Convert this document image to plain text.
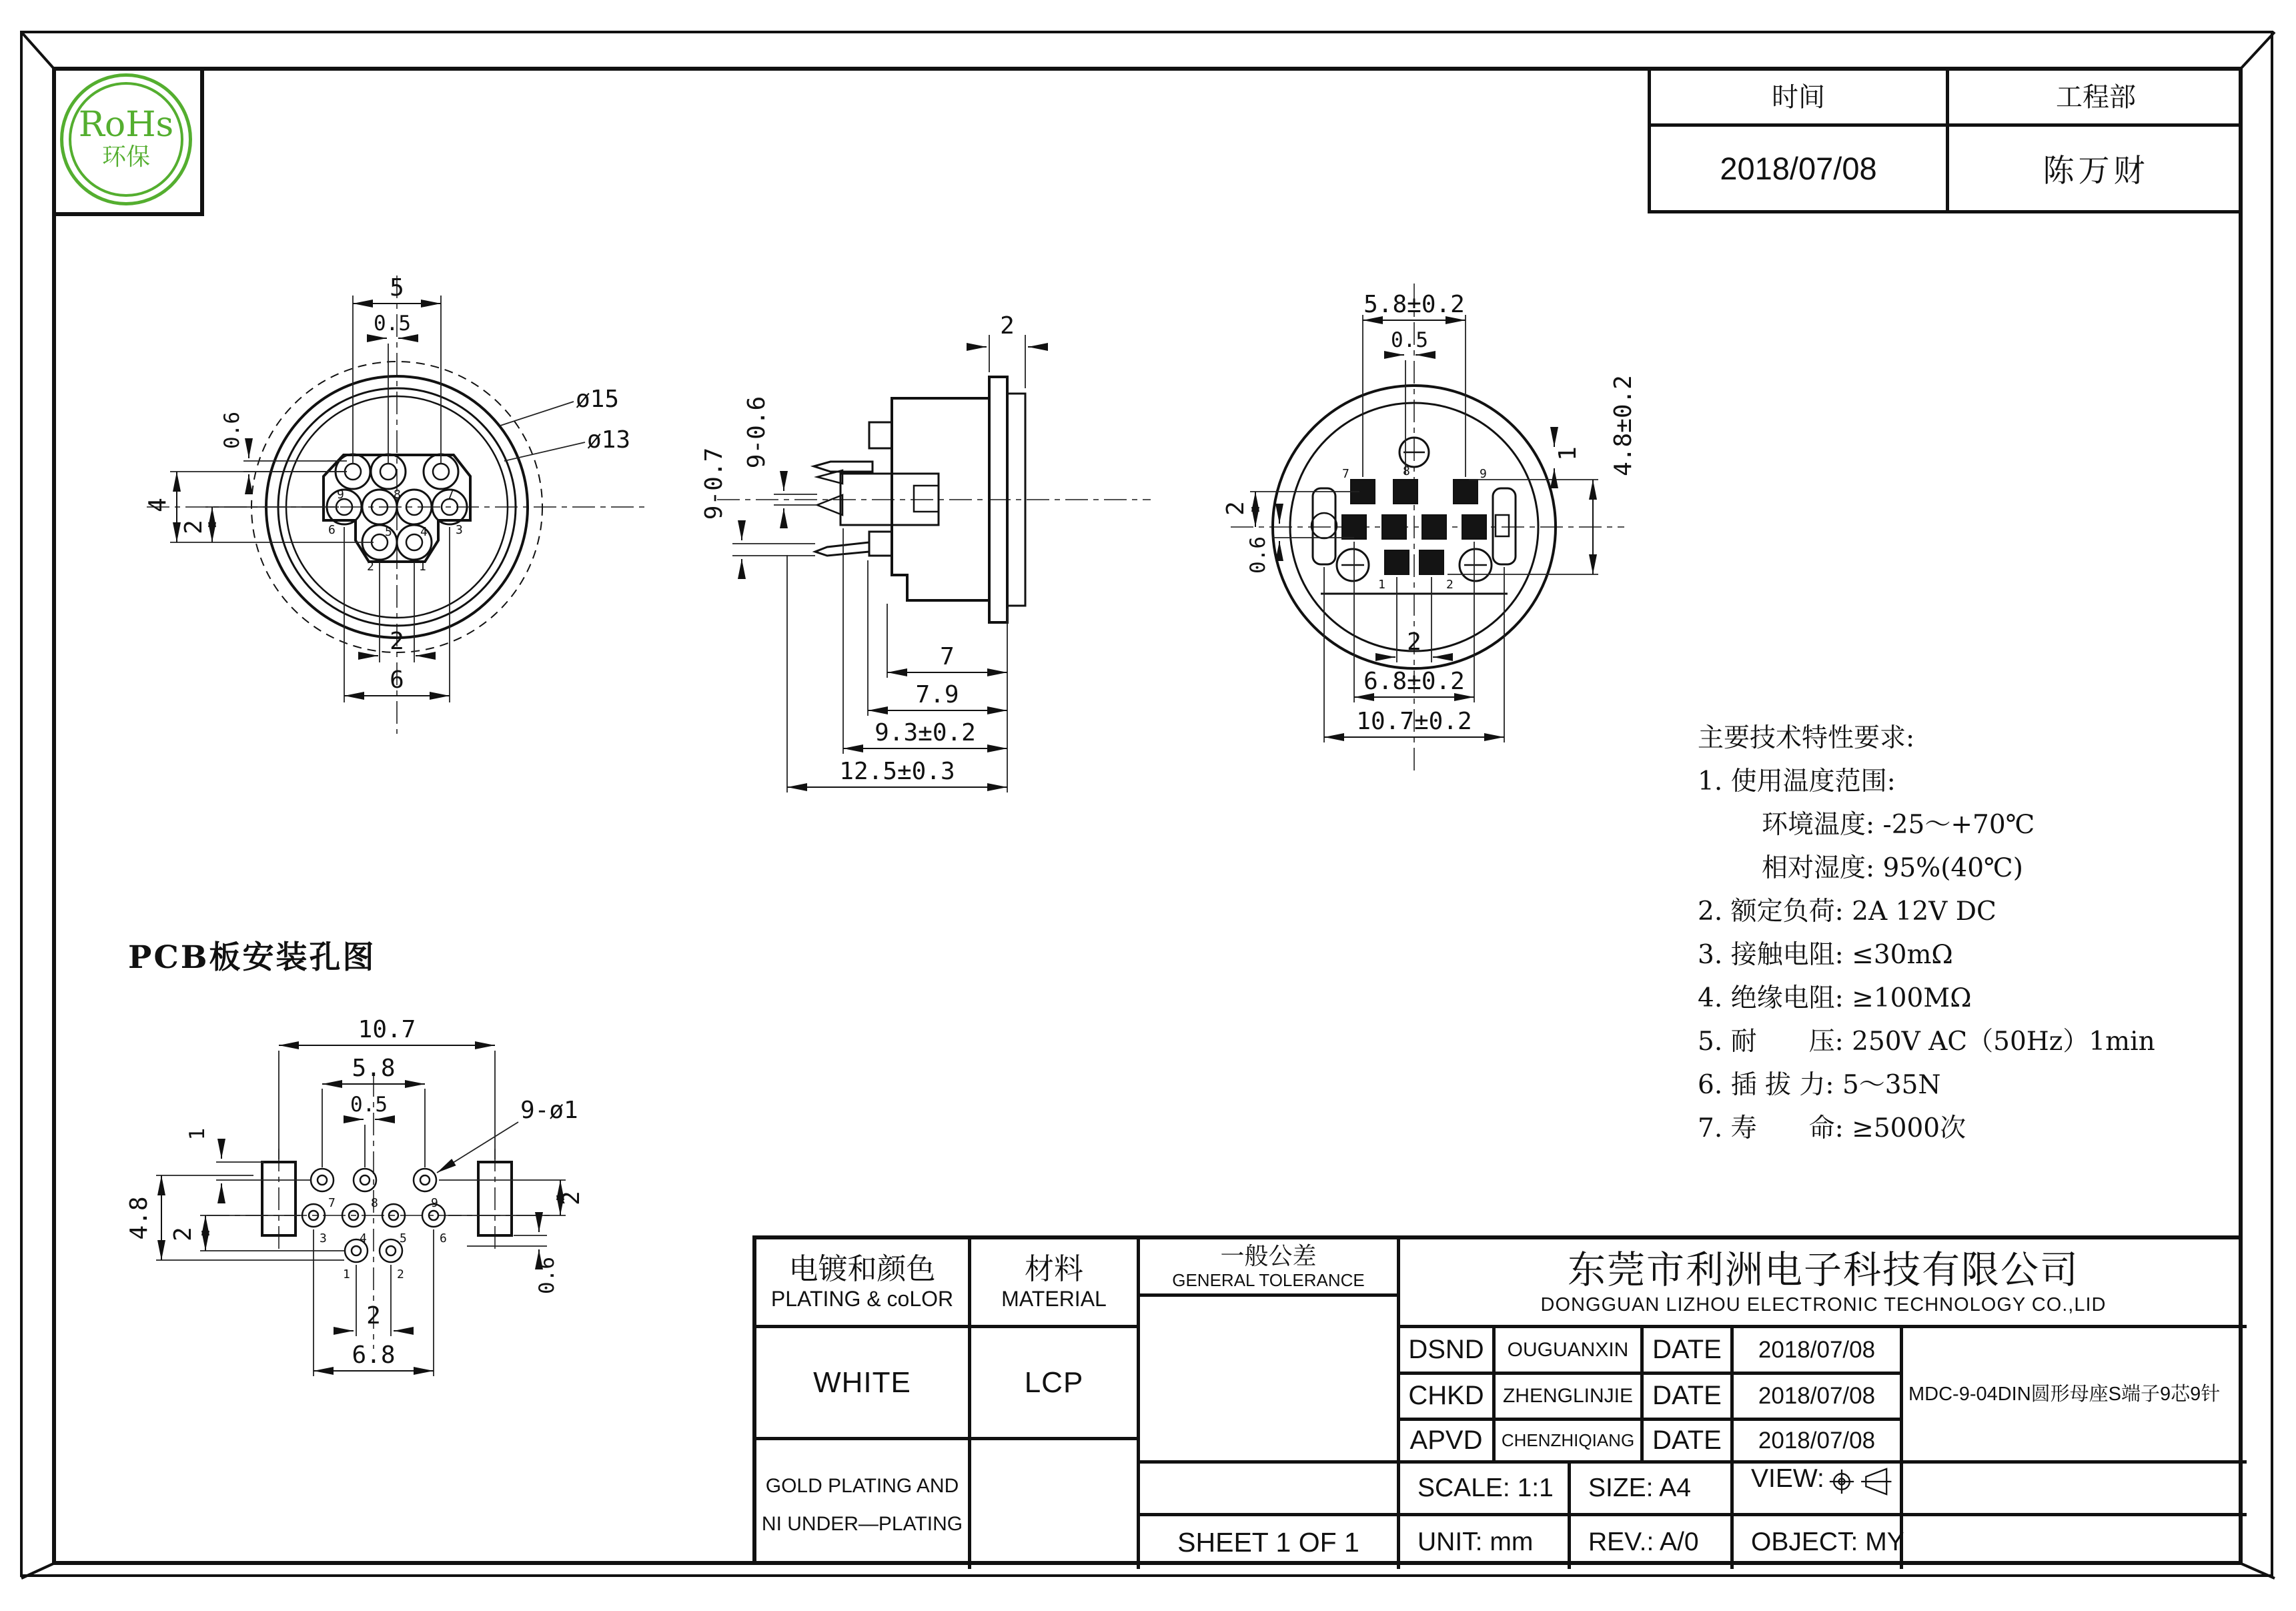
RoHs
环保
时间	工程部
2018/07/08	陈万财
9	8	7
6	5 4 3
2	1
5
0.5
ø15
ø13
0.6
4
2
2
6
2
9-0.6
9-0.7
7
7.9
9.3±0.2
12.5±0.3
7	8	9
1	2
5.8±0.2
0.5
4.8±0.2
1
2
0.6
2
6.8±0.2
10.7±0.2
PCB板安装孔图
7	8	9
3	4	5	6
1	2
9-ø1
10.7
5.8
0.5
1
4.8 2
2
0.6
2
6.8
主要技术特性要求:
1. 使用温度范围:
环境温度: -25～+70℃
相对湿度: 95%(40℃)
2. 额定负荷: 2A 12V DC
3. 接触电阻: ≤30mΩ
4. 绝缘电阻: ≥100MΩ
5. 耐　　压: 250V AC（50Hz）1min
6. 插 拔 力: 5～35N
7. 寿　　命: ≥5000次
电镀和颜色
PLATING & coLOR
材料
MATERIAL
一般公差
GENERAL TOLERANCE
WHITE	LCP
GOLD PLATING AND
NI UNDER—PLATING
SHEET 1 OF 1
东莞市利洲电子科技有限公司
DONGGUAN LIZHOU ELECTRONIC TECHNOLOGY CO.,LID
DSND OUGUANXIN DATE 2018/07/08
CHKD ZHENGLINJIE DATE 2018/07/08
APVD CHENZHIQIANG DATE 2018/07/08
MDC-9-04DIN圆形母座S端子9芯9针
SCALE: 1:1 SIZE: A4 VIEW:
UNIT: mm REV.: A/0 OBJECT: MY
